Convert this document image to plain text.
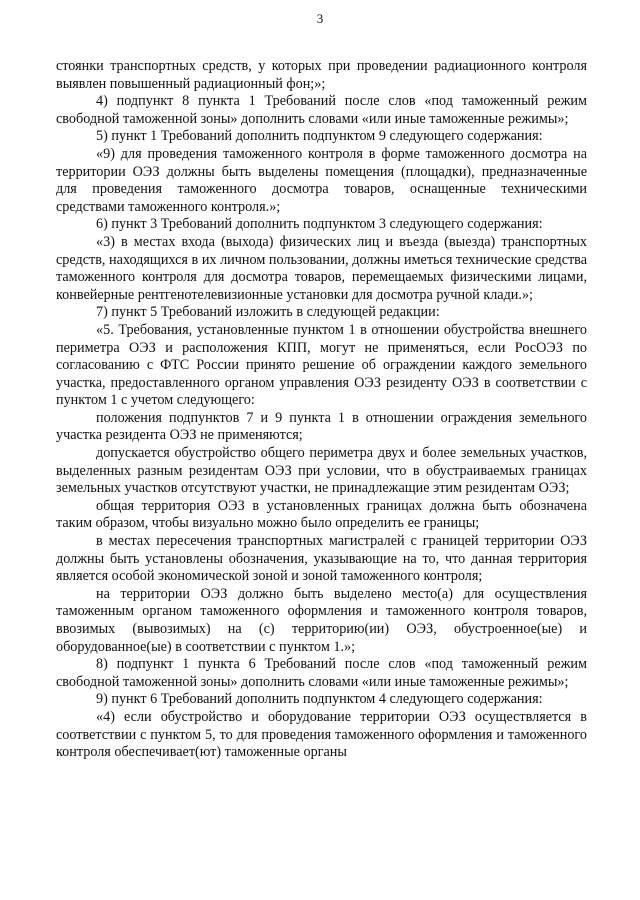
3

стоянки транспортных средств, у которых при проведении радиационного контроля выявлен повышенный радиационный фон;»;

4) подпункт 8 пункта 1 Требований после слов «под таможенный режим свободной таможенной зоны» дополнить словами «или иные таможенные режимы»;

5) пункт 1 Требований дополнить подпунктом 9 следующего содержания:

«9) для проведения таможенного контроля в форме таможенного досмотра на территории ОЭЗ должны быть выделены помещения (площадки), предназначенные для проведения таможенного досмотра товаров, оснащенные техническими средствами таможенного контроля.»;

6) пункт 3 Требований дополнить подпунктом 3 следующего содержания:

«3) в местах входа (выхода) физических лиц и въезда (выезда) транспортных средств, находящихся в их личном пользовании, должны иметься технические средства таможенного контроля для досмотра товаров, перемещаемых физическими лицами, конвейерные рентгенотелевизионные установки для досмотра ручной клади.»;

7) пункт 5 Требований изложить в следующей редакции:

«5. Требования, установленные пунктом 1 в отношении обустройства внешнего периметра ОЭЗ и расположения КПП, могут не применяться, если РосОЭЗ по согласованию с ФТС России принято решение об ограждении каждого земельного участка, предоставленного органом управления ОЭЗ резиденту ОЭЗ в соответствии с пунктом 1 с учетом следующего:

положения подпунктов 7 и 9 пункта 1 в отношении ограждения земельного участка резидента ОЭЗ не применяются;

допускается обустройство общего периметра двух и более земельных участков, выделенных разным резидентам ОЭЗ при условии, что в обустраиваемых границах земельных участков отсутствуют участки, не принадлежащие этим резидентам ОЭЗ;

общая территория ОЭЗ в установленных границах должна быть обозначена таким образом, чтобы визуально можно было определить ее границы;

в местах пересечения транспортных магистралей с границей территории ОЭЗ должны быть установлены обозначения, указывающие на то, что данная территория является особой экономической зоной и зоной таможенного контроля;

на территории ОЭЗ должно быть выделено место(а) для осуществления таможенным органом таможенного оформления и таможенного контроля товаров, ввозимых (вывозимых) на (с) территорию(ии) ОЭЗ, обустроенное(ые) и оборудованное(ые) в соответствии с пунктом 1.»;

8) подпункт 1 пункта 6 Требований после слов «под таможенный режим свободной таможенной зоны» дополнить словами «или иные таможенные режимы»;

9) пункт 6 Требований дополнить подпунктом 4 следующего содержания:

«4) если обустройство и оборудование территории ОЭЗ осуществляется в соответствии с пунктом 5, то для проведения таможенного оформления и таможенного контроля обеспечивает(ют) таможенные органы
